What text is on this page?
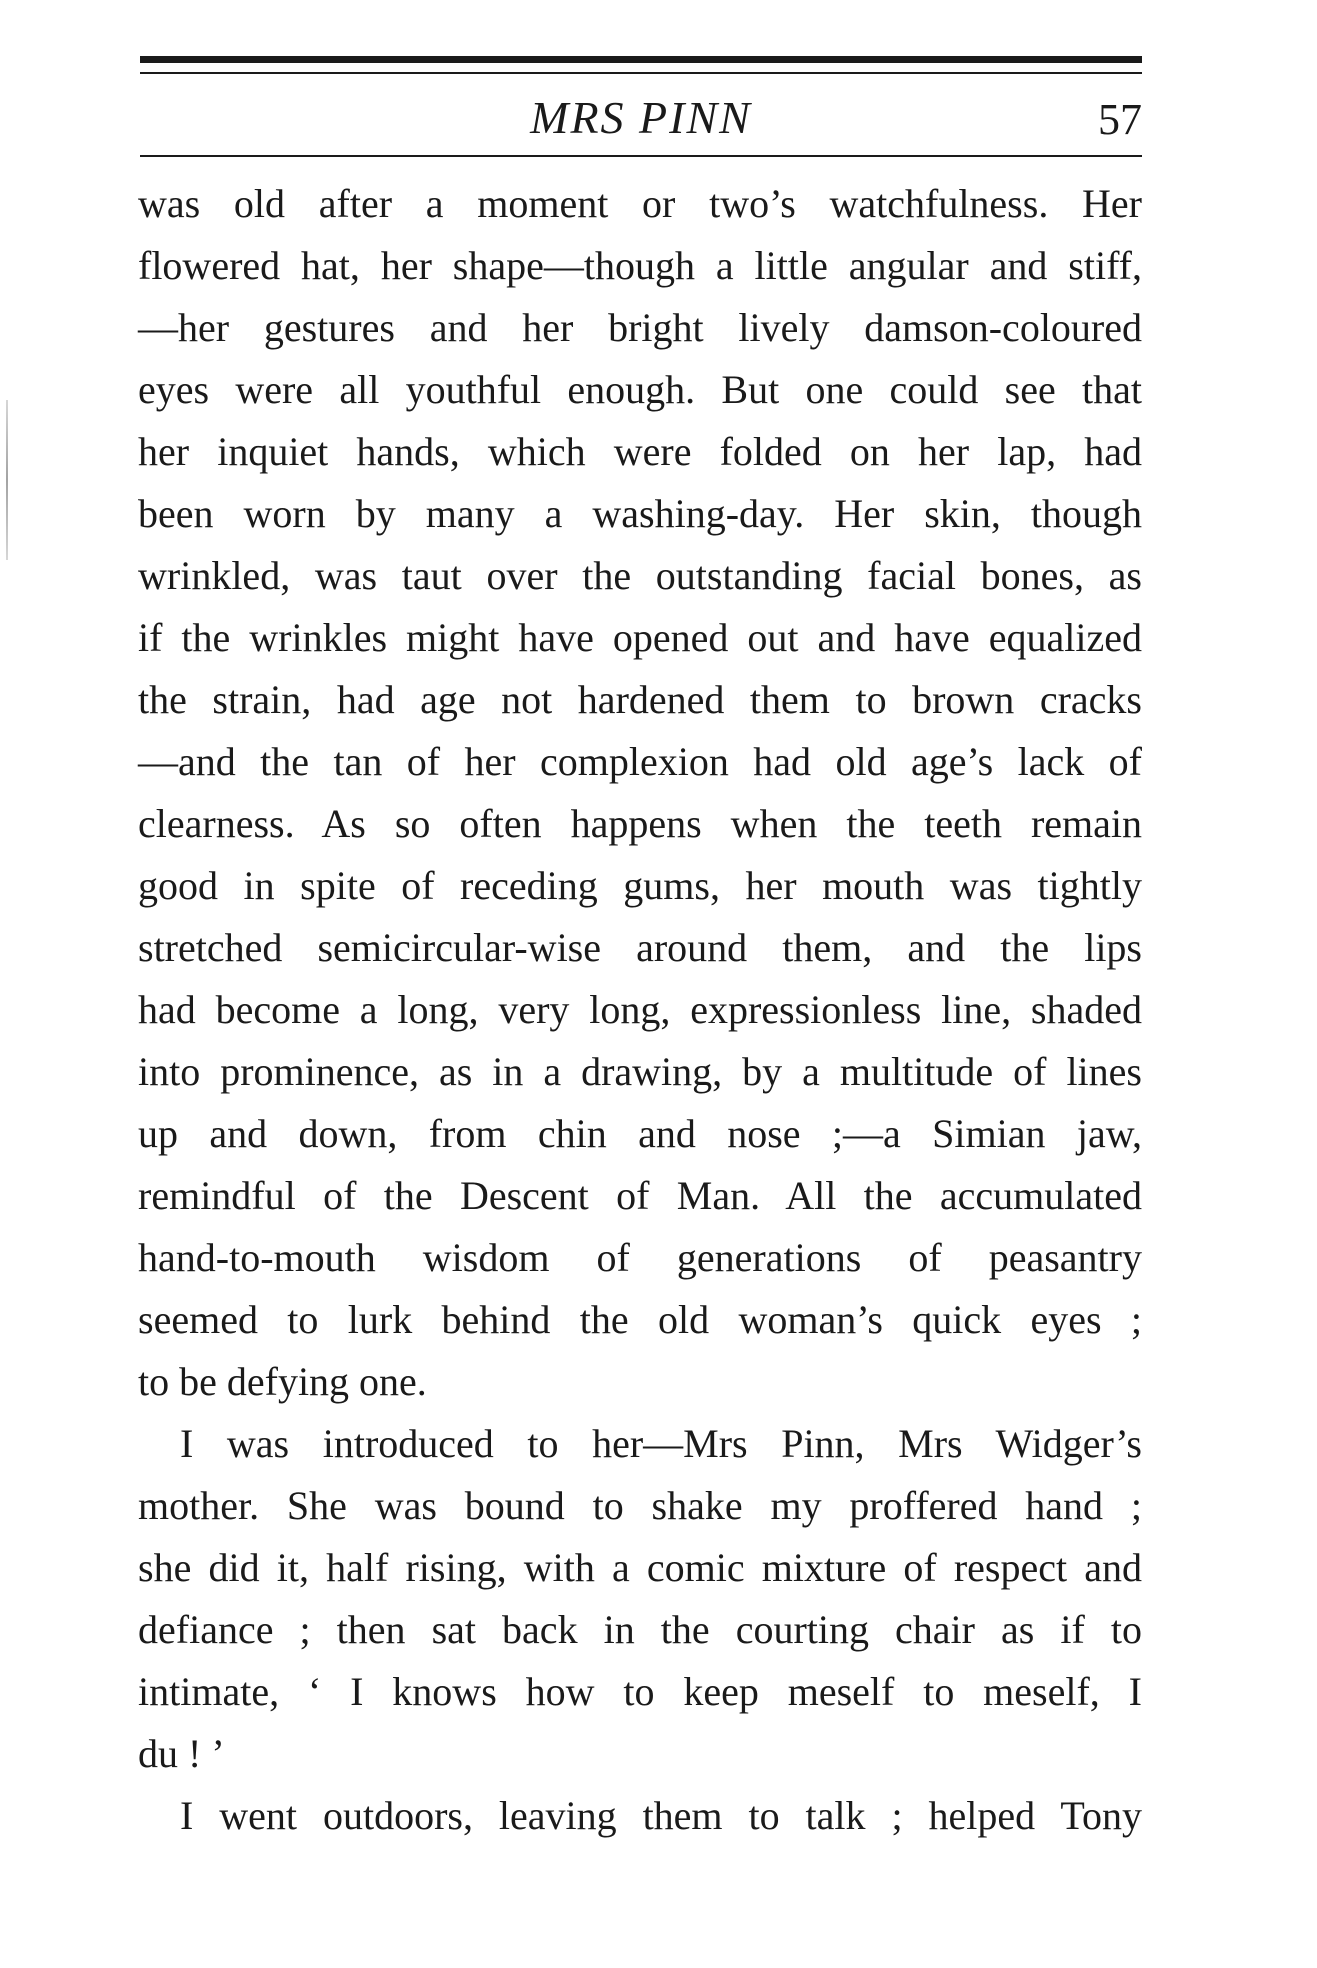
MRS PINN	57
was old after a moment or two’s watchfulness. Her
flowered hat, her shape—though a little angular and stiff,
—her gestures and her bright lively damson-coloured
eyes were all youthful enough. But one could see that
her inquiet hands, which were folded on her lap, had
been worn by many a washing-day. Her skin, though
wrinkled, was taut over the outstanding facial bones, as
if the wrinkles might have opened out and have equalized
the strain, had age not hardened them to brown cracks
—and the tan of her complexion had old age’s lack of
clearness. As so often happens when the teeth remain
good in spite of receding gums, her mouth was tightly
stretched semicircular-wise around them, and the lips
had become a long, very long, expressionless line, shaded
into prominence, as in a drawing, by a multitude of lines
up and down, from chin and nose ;—a Simian jaw,
remindful of the Descent of Man. All the accumulated
hand-to-mouth wisdom of generations of peasantry
seemed to lurk behind the old woman’s quick eyes ;
to be defying one.
I was introduced to her—Mrs Pinn, Mrs Widger’s
mother. She was bound to shake my proffered hand ;
she did it, half rising, with a comic mixture of respect and
defiance ; then sat back in the courting chair as if to
intimate, ‘ I knows how to keep meself to meself, I
du ! ’
I went outdoors, leaving them to talk ; helped Tony
